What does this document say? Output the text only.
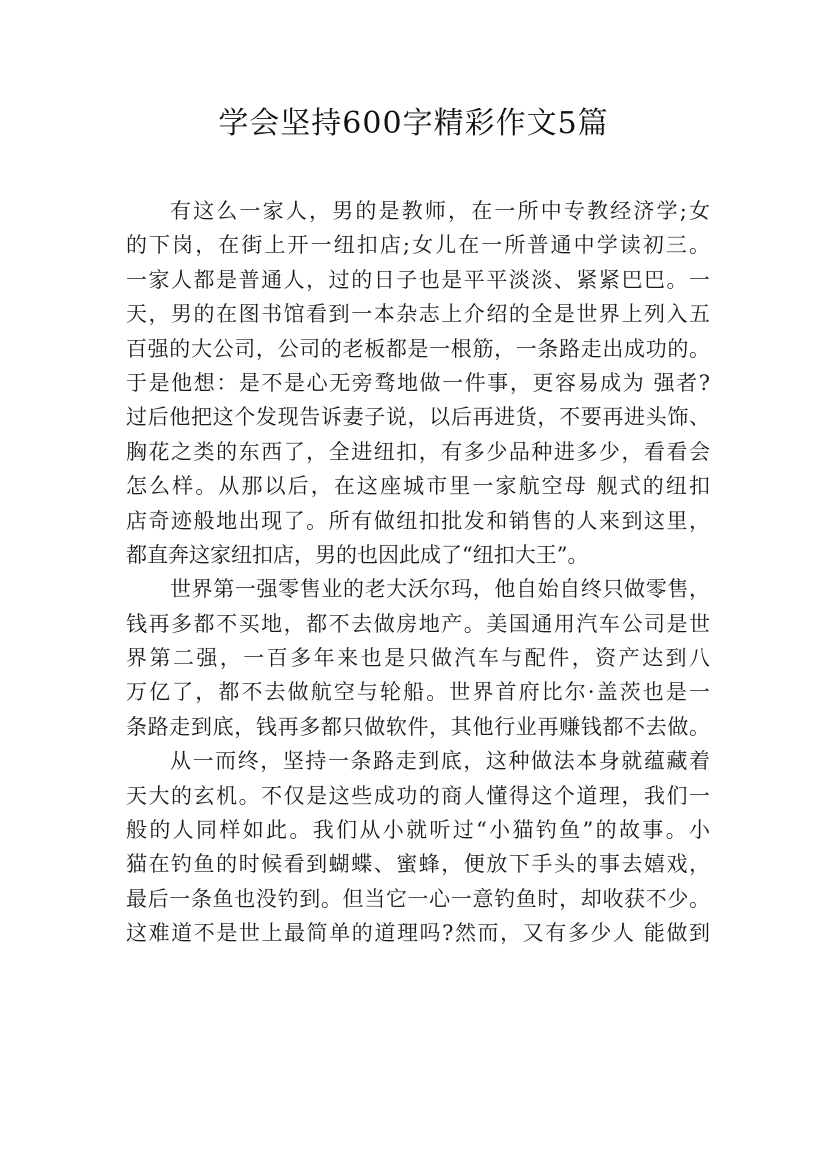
学会坚持600字精彩作文5篇
有这么一家人，男的是教师，在一所中专教经济学;女
的下岗，在街上开一纽扣店;女儿在一所普通中学读初三。
一家人都是普通人，过的日子也是平平淡淡、紧紧巴巴。一
天，男的在图书馆看到一本杂志上介绍的全是世界上列入五
百强的大公司，公司的老板都是一根筋，一条路走出成功的。
于是他想：是不是心无旁骛地做一件事，更容易成为 强者?
过后他把这个发现告诉妻子说，以后再进货，不要再进头饰、
胸花之类的东西了，全进纽扣，有多少品种进多少，看看会
怎么样。从那以后，在这座城市里一家航空母 舰式的纽扣
店奇迹般地出现了。所有做纽扣批发和销售的人来到这里，
都直奔这家纽扣店，男的也因此成了“纽扣大王”。
世界第一强零售业的老大沃尔玛，他自始自终只做零售，
钱再多都不买地，都不去做房地产。美国通用汽车公司是世
界第二强，一百多年来也是只做汽车与配件，资产达到八
万亿了，都不去做航空与轮船。世界首府比尔·盖茨也是一
条路走到底，钱再多都只做软件，其他行业再赚钱都不去做。
从一而终，坚持一条路走到底，这种做法本身就蕴藏着
天大的玄机。不仅是这些成功的商人懂得这个道理，我们一
般的人同样如此。我们从小就听过“小猫钓鱼”的故事。小
猫在钓鱼的时候看到蝴蝶、蜜蜂，便放下手头的事去嬉戏，
最后一条鱼也没钓到。但当它一心一意钓鱼时，却收获不少。
这难道不是世上最简单的道理吗?然而，又有多少人 能做到
